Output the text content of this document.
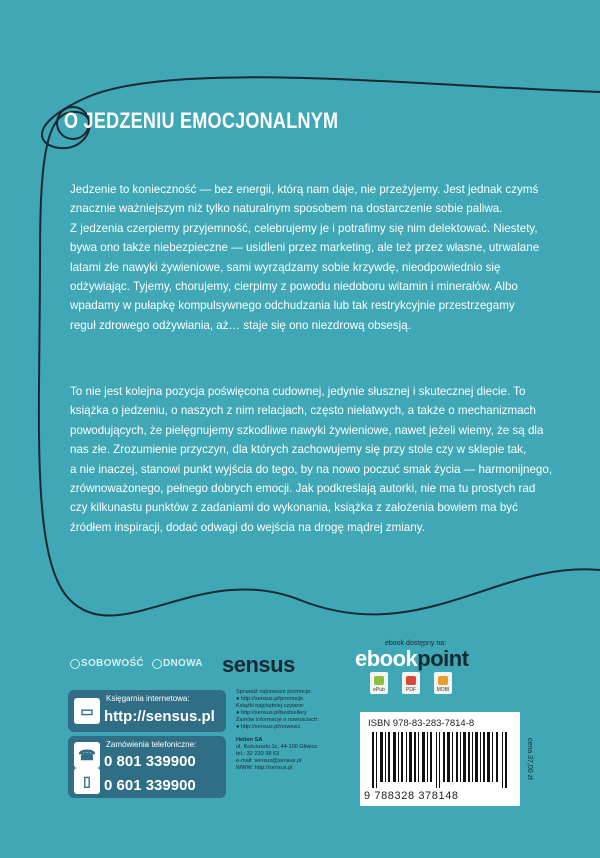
O JEDZENIU EMOCJONALNYM
Jedzenie to konieczność — bez energii, którą nam daje, nie przeżyjemy. Jest jednak czymś
znacznie ważniejszym niż tylko naturalnym sposobem na dostarczenie sobie paliwa.
Z jedzenia czerpiemy przyjemność, celebrujemy je i potrafimy się nim delektować. Niestety,
bywa ono także niebezpieczne — usidleni przez marketing, ale też przez własne, utrwalane
latami złe nawyki żywieniowe, sami wyrządzamy sobie krzywdę, nieodpowiednio się
odżywiając. Tyjemy, chorujemy, cierpimy z powodu niedoboru witamin i minerałów. Albo
wpadamy w pułapkę kompulsywnego odchudzania lub tak restrykcyjnie przestrzegamy
reguł zdrowego odżywiania, aż… staje się ono niezdrową obsesją.
To nie jest kolejna pozycja poświęcona cudownej, jedynie słusznej i skutecznej diecie. To
książka o jedzeniu, o naszych z nim relacjach, często niełatwych, a także o mechanizmach
powodujących, że pielęgnujemy szkodliwe nawyki żywieniowe, nawet jeżeli wiemy, że są dla
nas złe. Zrozumienie przyczyn, dla których zachowujemy się przy stole czy w sklepie tak,
a nie inaczej, stanowi punkt wyjścia do tego, by na nowo poczuć smak życia — harmonijnego,
zrównoważonego, pełnego dobrych emocji. Jak podkreślają autorki, nie ma tu prostych rad
czy kilkunastu punktów z zadaniami do wykonania, książka z założenia bowiem ma być
źródłem inspiracji, dodać odwagi do wejścia na drogę mądrej zmiany.
SOBOWOŚĆ DNOWA sensus
ebook dostępny na:
ebookpoint
ePub	PDF	MOBI
▭
Księgarnia internetowa:
http://sensus.pl
☎
▯
Zamówienia telefoniczne:
0 801 339900
0 601 339900
Sprawdź najnowsze promocje:
● http://sensus.pl/promocje
Książki najchętniej czytane:
● http://sensus.pl/bestsellery
Zamów informacje o nowościach:
● http://sensus.pl/nowosci
Helion SA
ul. Kościuszki 1c, 44-100 Gliwice
tel.: 32 230 98 63
e-mail: sensus@sensus.pl
WWW: http://sensus.pl
ISBN 978-83-283-7814-8
9 788328 378148
cena 37,00 zł
